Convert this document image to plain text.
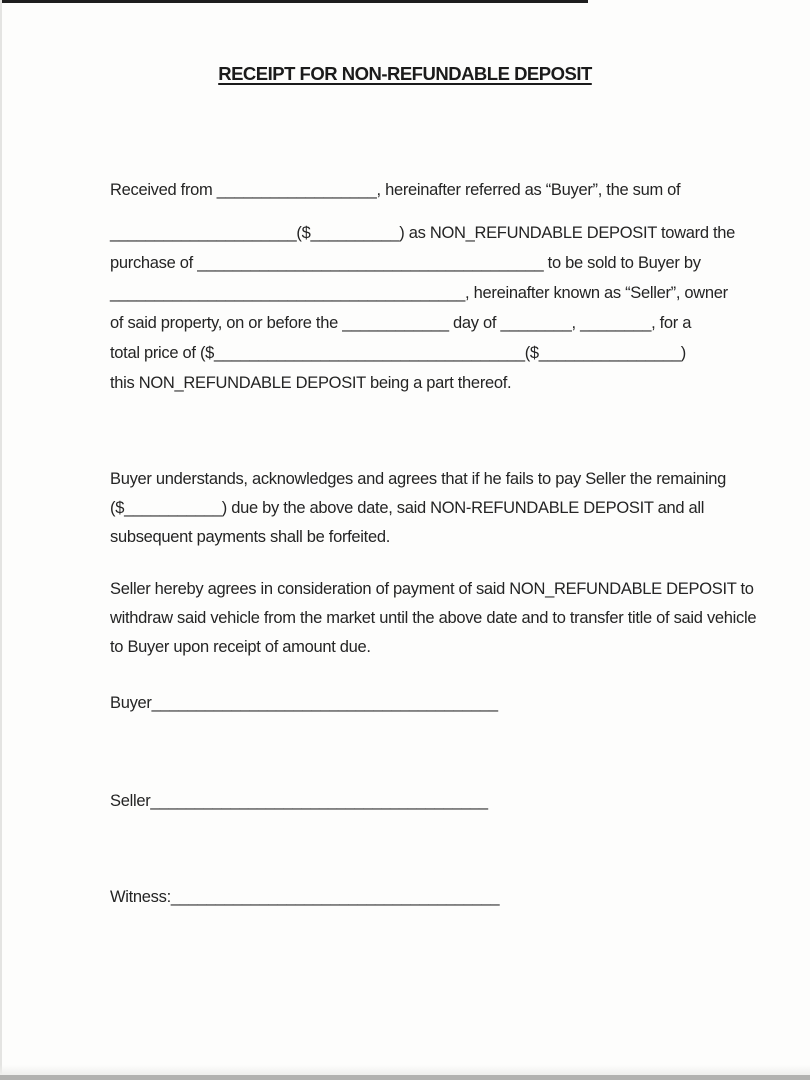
RECEIPT FOR NON-REFUNDABLE DEPOSIT
Received from __________________, hereinafter referred as “Buyer”, the sum of
_____________________($__________) as NON_REFUNDABLE DEPOSIT toward the
purchase of _______________________________________ to be sold to Buyer by
________________________________________, hereinafter known as “Seller”, owner
of said property, on or before the ____________ day of ________, ________, for a
total price of ($___________________________________($________________)
this NON_REFUNDABLE DEPOSIT being a part thereof.
Buyer understands, acknowledges and agrees that if he fails to pay Seller the remaining
($___________) due by the above date, said NON-REFUNDABLE DEPOSIT and all
subsequent payments shall be forfeited.
Seller hereby agrees in consideration of payment of said NON_REFUNDABLE DEPOSIT to
withdraw said vehicle from the market until the above date and to transfer title of said vehicle
to Buyer upon receipt of amount due.
Buyer_______________________________________
Seller______________________________________
Witness:_____________________________________
